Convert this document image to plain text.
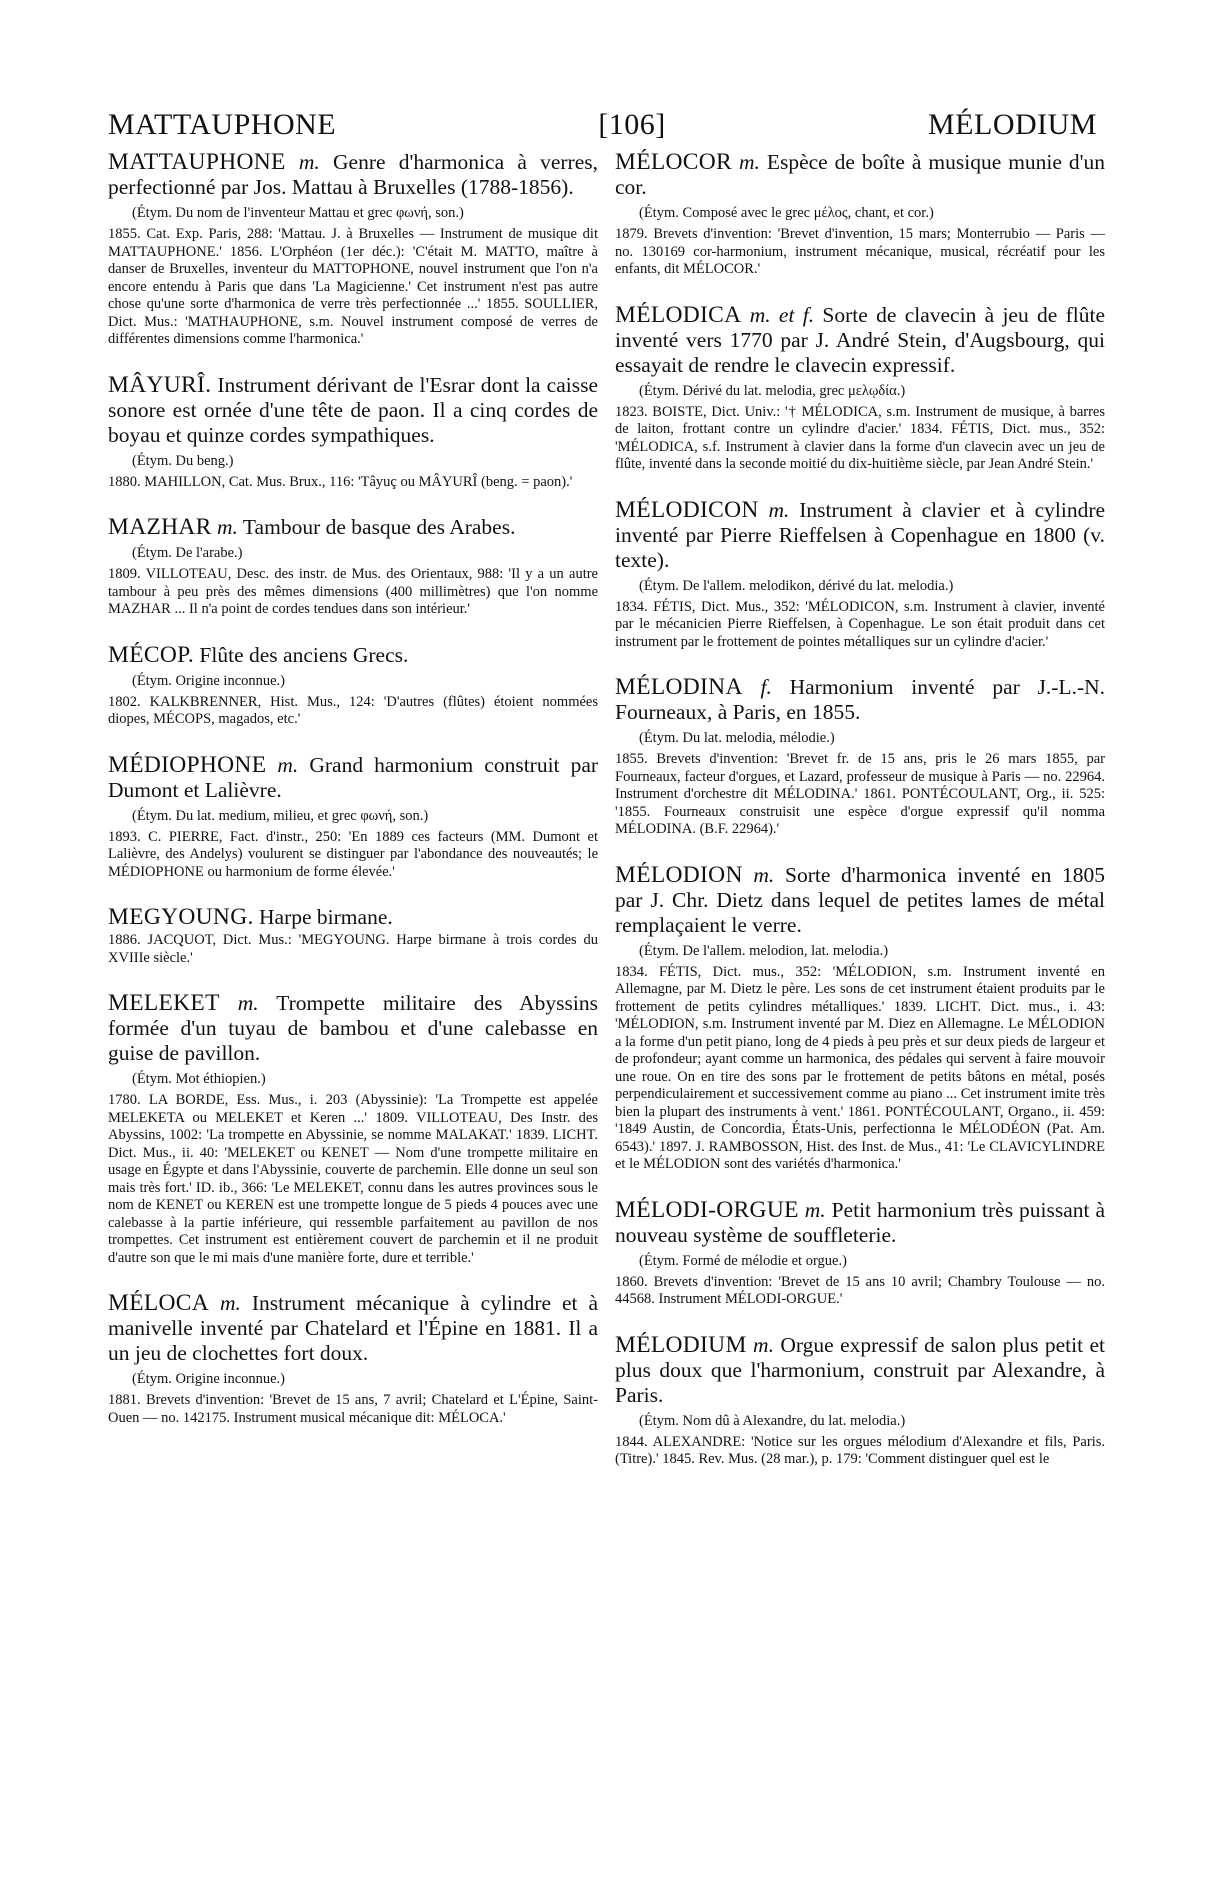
MATTAUPHONE	[106]	MÉLODIUM

MATTAUPHONE m. Genre d'harmonica à verres, perfectionné par Jos. Mattau à Bruxelles (1788-1856).

(Étym. Du nom de l'inventeur Mattau et grec φωνή, son.)

1855. Cat. Exp. Paris, 288: 'Mattau. J. à Bruxelles — Instrument de musique dit MATTAUPHONE.' 1856. L'Orphéon (1er déc.): 'C'était M. MATTO, maître à danser de Bruxelles, inventeur du MATTOPHONE, nouvel instrument que l'on n'a encore entendu à Paris que dans 'La Magicienne.' Cet instrument n'est pas autre chose qu'une sorte d'harmonica de verre très perfectionnée ...' 1855. SOULLIER, Dict. Mus.: 'MATHAUPHONE, s.m. Nouvel instrument composé de verres de différentes dimensions comme l'harmonica.'

MÂYURÎ. Instrument dérivant de l'Esrar dont la caisse sonore est ornée d'une tête de paon. Il a cinq cordes de boyau et quinze cordes sympathiques.

(Étym. Du beng.)

1880. MAHILLON, Cat. Mus. Brux., 116: 'Tâyuç ou MÂYURÎ (beng. = paon).'

MAZHAR m. Tambour de basque des Arabes.

(Étym. De l'arabe.)

1809. VILLOTEAU, Desc. des instr. de Mus. des Orientaux, 988: 'Il y a un autre tambour à peu près des mêmes dimensions (400 millimètres) que l'on nomme MAZHAR ... Il n'a point de cordes tendues dans son intérieur.'

MÉCOP. Flûte des anciens Grecs.

(Étym. Origine inconnue.)

1802. KALKBRENNER, Hist. Mus., 124: 'D'autres (flûtes) étoient nommées diopes, MÉCOPS, magados, etc.'

MÉDIOPHONE m. Grand harmonium construit par Dumont et Lalièvre.

(Étym. Du lat. medium, milieu, et grec φωνή, son.)

1893. C. PIERRE, Fact. d'instr., 250: 'En 1889 ces facteurs (MM. Dumont et Lalièvre, des Andelys) voulurent se distinguer par l'abondance des nouveautés; le MÉDIOPHONE ou harmonium de forme élevée.'

MEGYOUNG. Harpe birmane.

1886. JACQUOT, Dict. Mus.: 'MEGYOUNG. Harpe birmane à trois cordes du XVIIIe siècle.'

MELEKET m. Trompette militaire des Abyssins formée d'un tuyau de bambou et d'une calebasse en guise de pavillon.

(Étym. Mot éthiopien.)

1780. LA BORDE, Ess. Mus., i. 203 (Abyssinie): 'La Trompette est appelée MELEKETA ou MELEKET et Keren ...' 1809. VILLOTEAU, Des Instr. des Abyssins, 1002: 'La trompette en Abyssinie, se nomme MALAKAT.' 1839. LICHT. Dict. Mus., ii. 40: 'MELEKET ou KENET — Nom d'une trompette militaire en usage en Égypte et dans l'Abyssinie, couverte de parchemin. Elle donne un seul son mais très fort.' ID. ib., 366: 'Le MELEKET, connu dans les autres provinces sous le nom de KENET ou KEREN est une trompette longue de 5 pieds 4 pouces avec une calebasse à la partie inférieure, qui ressemble parfaitement au pavillon de nos trompettes. Cet instrument est entièrement couvert de parchemin et il ne produit d'autre son que le mi mais d'une manière forte, dure et terrible.'

MÉLOCA m. Instrument mécanique à cylindre et à manivelle inventé par Chatelard et l'Épine en 1881. Il a un jeu de clochettes fort doux.

(Étym. Origine inconnue.)

1881. Brevets d'invention: 'Brevet de 15 ans, 7 avril; Chatelard et L'Épine, Saint-Ouen — no. 142175. Instrument musical mécanique dit: MÉLOCA.'

MÉLOCOR m. Espèce de boîte à musique munie d'un cor.

(Étym. Composé avec le grec μέλος, chant, et cor.)

1879. Brevets d'invention: 'Brevet d'invention, 15 mars; Monterrubio — Paris — no. 130169 cor-harmonium, instrument mécanique, musical, récréatif pour les enfants, dit MÉLOCOR.'

MÉLODICA m. et f. Sorte de clavecin à jeu de flûte inventé vers 1770 par J. André Stein, d'Augsbourg, qui essayait de rendre le clavecin expressif.

(Étym. Dérivé du lat. melodia, grec μελῳδία.)

1823. BOISTE, Dict. Univ.: '† MÉLODICA, s.m. Instrument de musique, à barres de laiton, frottant contre un cylindre d'acier.' 1834. FÉTIS, Dict. mus., 352: 'MÉLODICA, s.f. Instrument à clavier dans la forme d'un clavecin avec un jeu de flûte, inventé dans la seconde moitié du dix-huitième siècle, par Jean André Stein.'

MÉLODICON m. Instrument à clavier et à cylindre inventé par Pierre Rieffelsen à Copenhague en 1800 (v. texte).

(Étym. De l'allem. melodikon, dérivé du lat. melodia.)

1834. FÉTIS, Dict. Mus., 352: 'MÉLODICON, s.m. Instrument à clavier, inventé par le mécanicien Pierre Rieffelsen, à Copenhague. Le son était produit dans cet instrument par le frottement de pointes métalliques sur un cylindre d'acier.'

MÉLODINA f. Harmonium inventé par J.-L.-N. Fourneaux, à Paris, en 1855.

(Étym. Du lat. melodia, mélodie.)

1855. Brevets d'invention: 'Brevet fr. de 15 ans, pris le 26 mars 1855, par Fourneaux, facteur d'orgues, et Lazard, professeur de musique à Paris — no. 22964. Instrument d'orchestre dit MÉLODINA.' 1861. PONTÉCOULANT, Org., ii. 525: '1855. Fourneaux construisit une espèce d'orgue expressif qu'il nomma MÉLODINA. (B.F. 22964).'

MÉLODION m. Sorte d'harmonica inventé en 1805 par J. Chr. Dietz dans lequel de petites lames de métal remplaçaient le verre.

(Étym. De l'allem. melodion, lat. melodia.)

1834. FÉTIS, Dict. mus., 352: 'MÉLODION, s.m. Instrument inventé en Allemagne, par M. Dietz le père. Les sons de cet instrument étaient produits par le frottement de petits cylindres métalliques.' 1839. LICHT. Dict. mus., i. 43: 'MÉLODION, s.m. Instrument inventé par M. Diez en Allemagne. Le MÉLODION a la forme d'un petit piano, long de 4 pieds à peu près et sur deux pieds de largeur et de profondeur; ayant comme un harmonica, des pédales qui servent à faire mouvoir une roue. On en tire des sons par le frottement de petits bâtons en métal, posés perpendiculairement et successivement comme au piano ... Cet instrument imite très bien la plupart des instruments à vent.' 1861. PONTÉCOULANT, Organo., ii. 459: '1849 Austin, de Concordia, États-Unis, perfectionna le MÉLODÉON (Pat. Am. 6543).' 1897. J. RAMBOSSON, Hist. des Inst. de Mus., 41: 'Le CLAVICYLINDRE et le MÉLODION sont des variétés d'harmonica.'

MÉLODI-ORGUE m. Petit harmonium très puissant à nouveau système de souffleterie.

(Étym. Formé de mélodie et orgue.)

1860. Brevets d'invention: 'Brevet de 15 ans 10 avril; Chambry Toulouse — no. 44568. Instrument MÉLODI-ORGUE.'

MÉLODIUM m. Orgue expressif de salon plus petit et plus doux que l'harmonium, construit par Alexandre, à Paris.

(Étym. Nom dû à Alexandre, du lat. melodia.)

1844. ALEXANDRE: 'Notice sur les orgues mélodium d'Alexandre et fils, Paris. (Titre).' 1845. Rev. Mus. (28 mar.), p. 179: 'Comment distinguer quel est le
